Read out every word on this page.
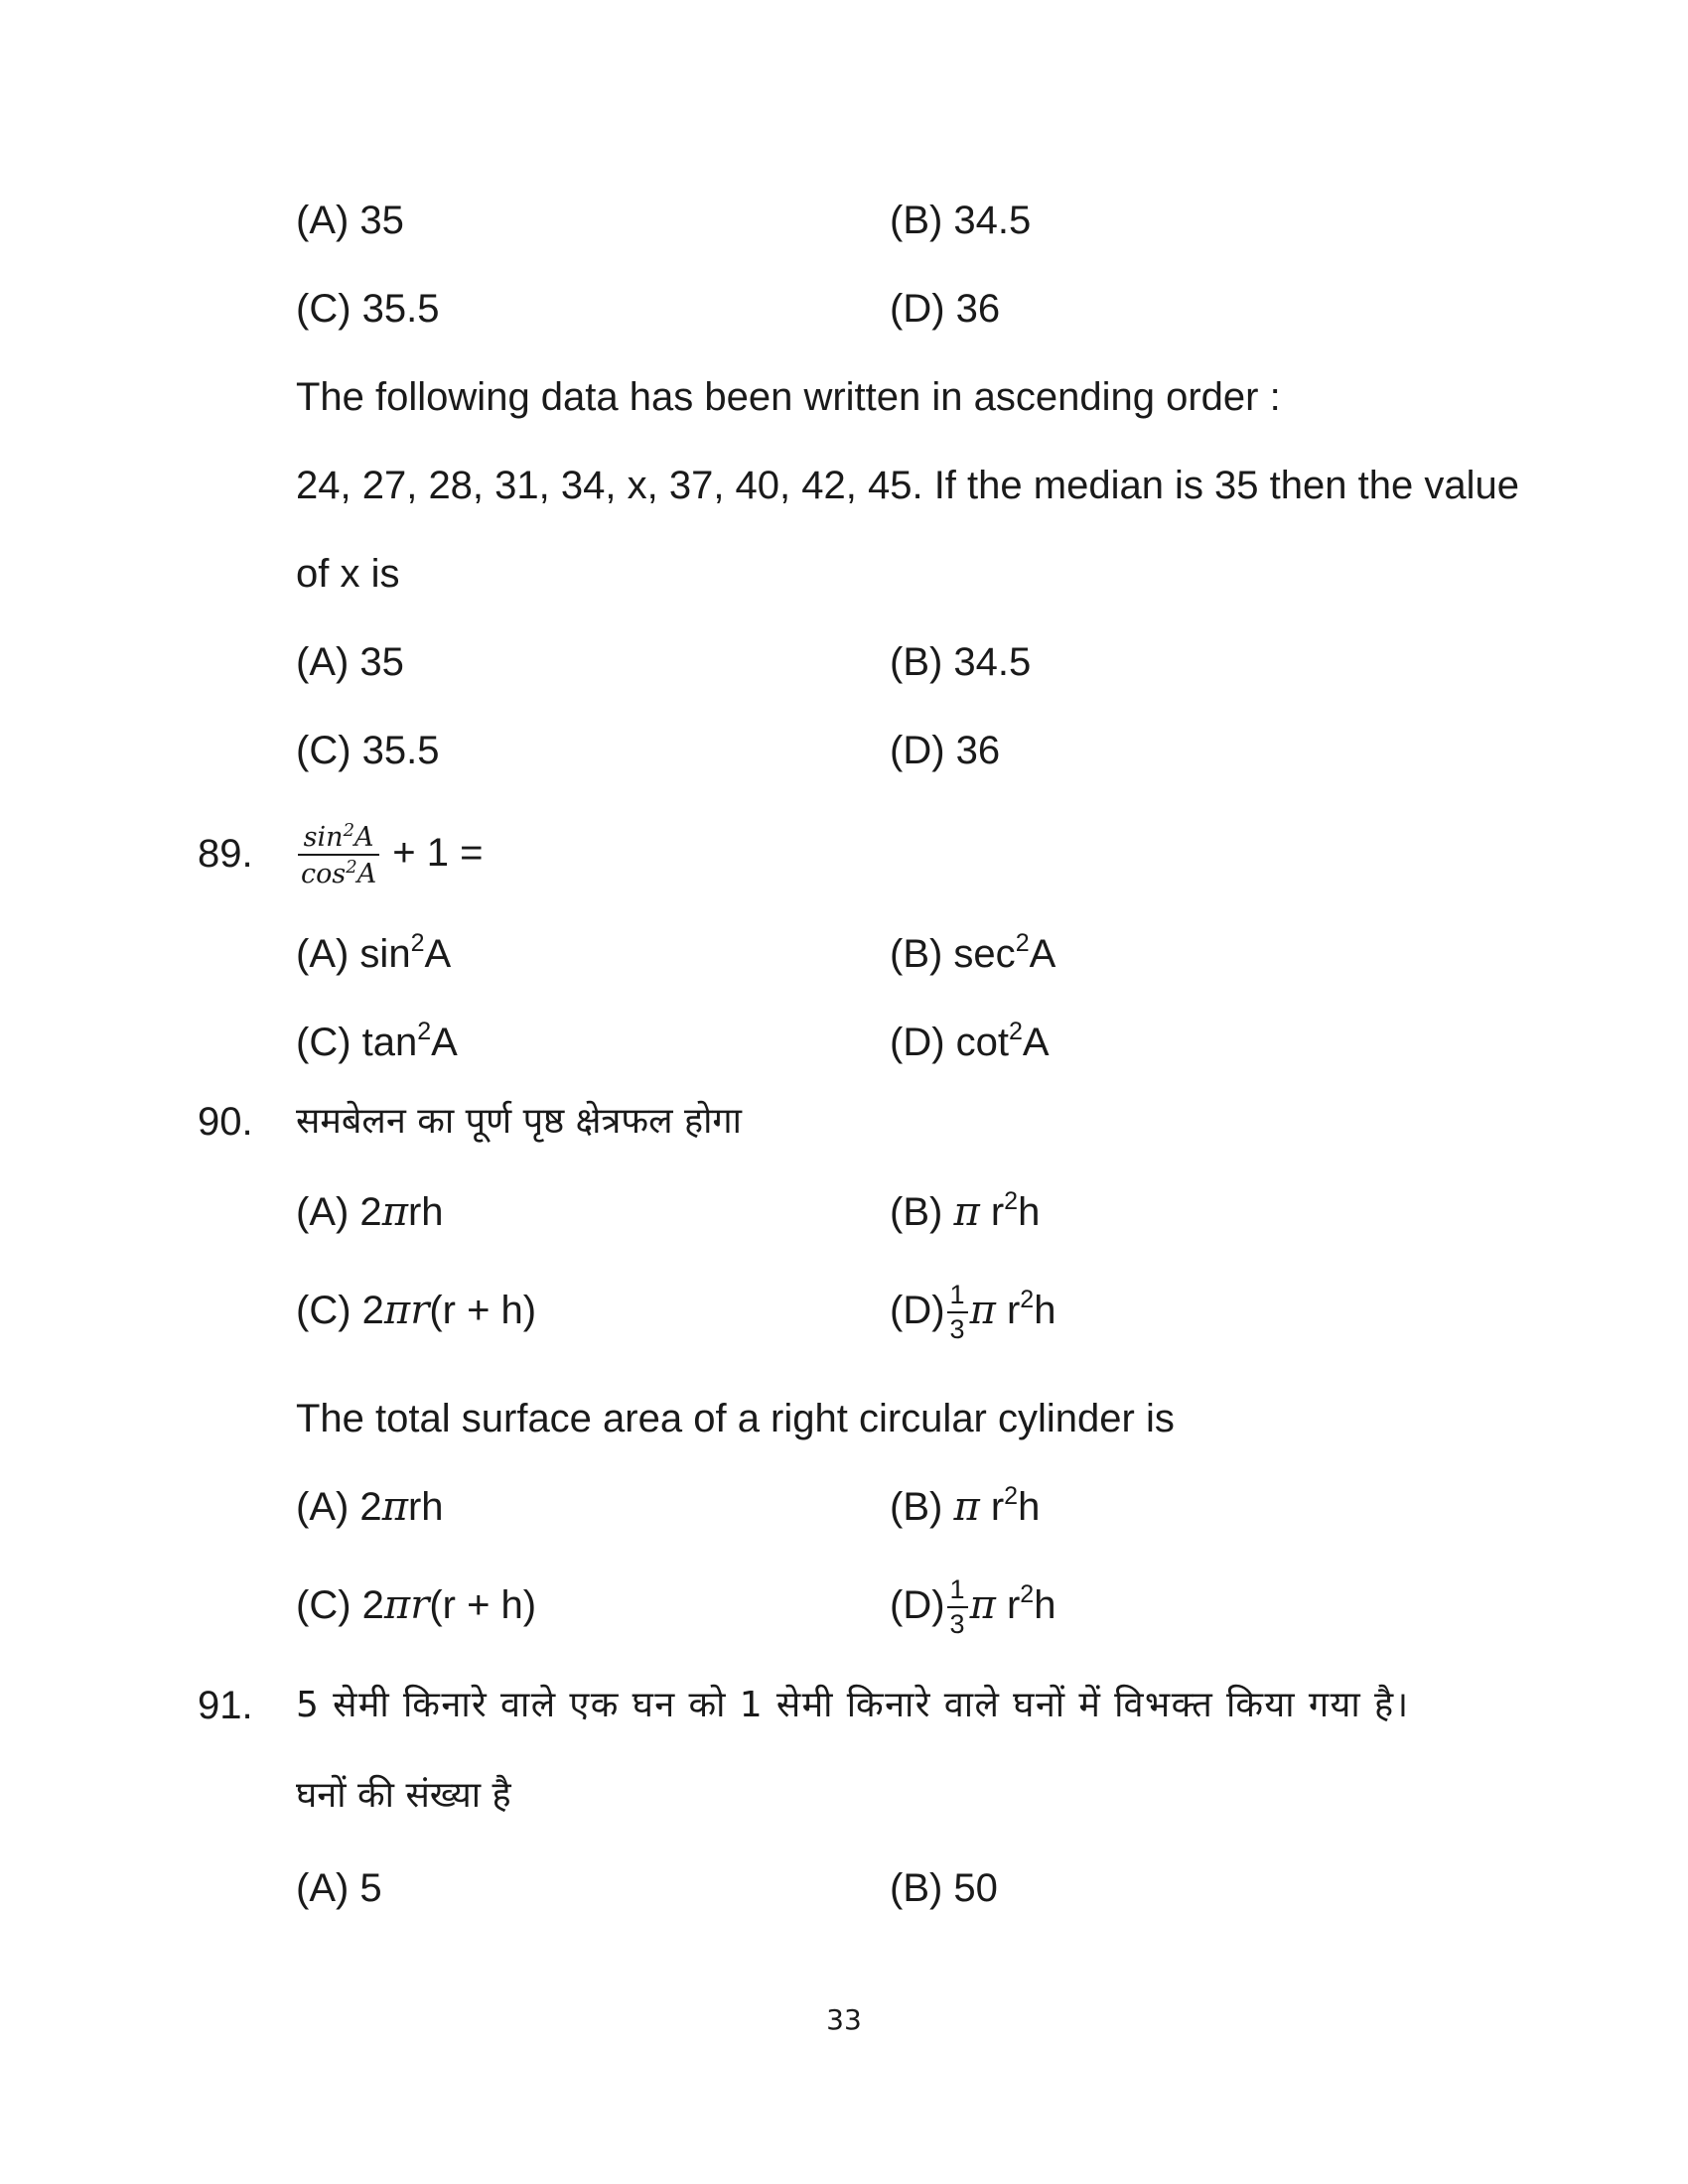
(A) 35	(B) 34.5
(C) 35.5	(D) 36
The following data has been written in ascending order :
24, 27, 28, 31, 34, x, 37, 40, 42, 45. If the median is 35 then the value
of x is
(A) 35	(B) 34.5
(C) 35.5	(D) 36
89. $\frac{\sin^2A}{\cos^2A} + 1$ =
(A) $\sin^2A$	(B) $\sec^2A$
(C) $\tan^2A$	(D) $\cot^2A$
90. समबेलन का पूर्ण पृष्ठ क्षेत्रफल होगा
(A) 2πrh	(B) π $r^2h$
(C) 2πr(r + h)	$(D) \frac{1}{3}$ π $r^2h$
The total surface area of a right circular cylinder is
(A) 2πrh	(B) π $r^2h$
(C) 2πr(r + h)	$(D) \frac{1}{3}$ π $r^2h$
91. 5 सेमी किनारे वाले एक घन को 1 सेमी किनारे वाले घनों में विभक्त किया गया है।
घनों की संख्या है
(A) 5	(B) 50
33
